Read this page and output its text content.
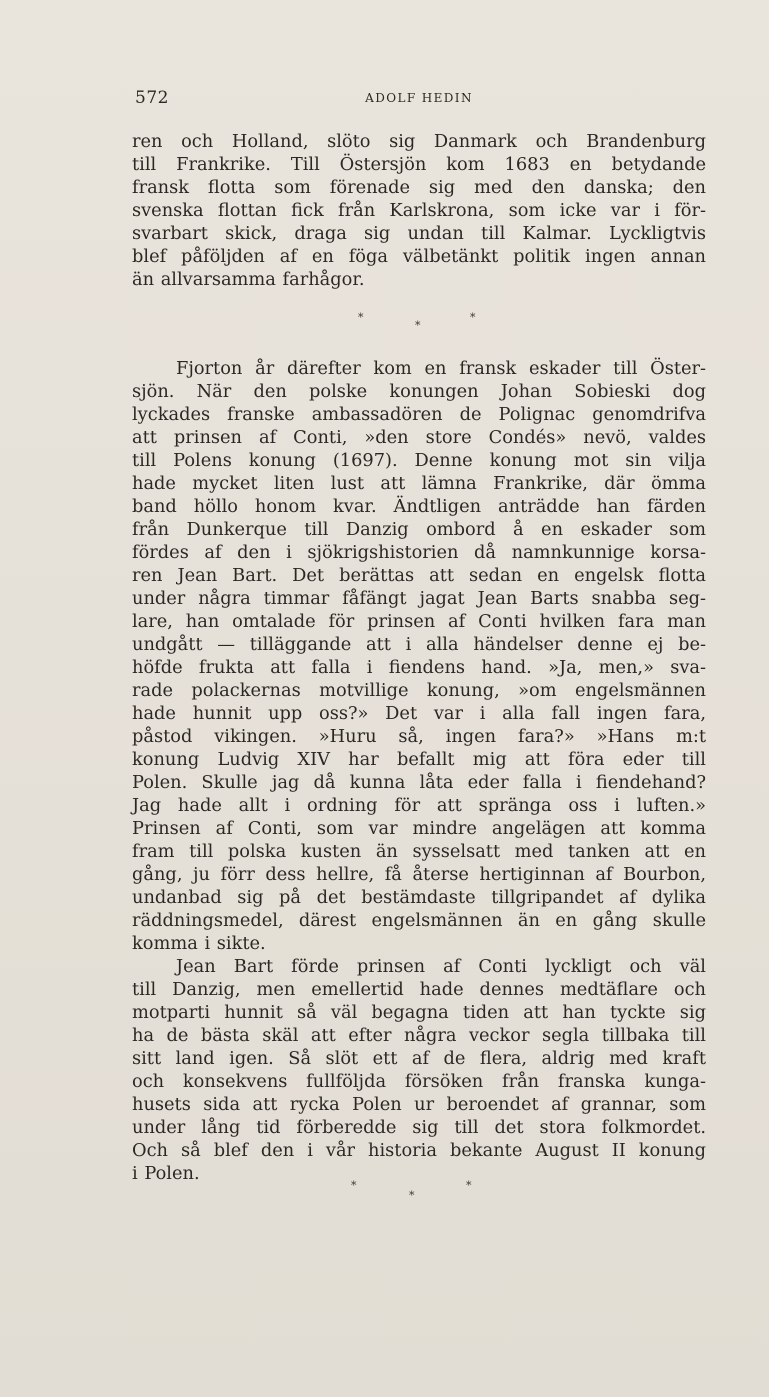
572	ADOLF HEDIN
ren och Holland, slöto sig Danmark och Brandenburg
till Frankrike. Till Östersjön kom 1683 en betydande
fransk flotta som förenade sig med den danska; den
svenska flottan fick från Karlskrona, som icke var i för-
svarbart skick, draga sig undan till Kalmar. Lyckligtvis
blef påföljden af en föga välbetänkt politik ingen annan
än allvarsamma farhågor.
*
*
*
Fjorton år därefter kom en fransk eskader till Öster-
sjön. När den polske konungen Johan Sobieski dog
lyckades franske ambassadören de Polignac genomdrifva
att prinsen af Conti, »den store Condés» nevö, valdes
till Polens konung (1697). Denne konung mot sin vilja
hade mycket liten lust att lämna Frankrike, där ömma
band höllo honom kvar. Ändtligen anträdde han färden
från Dunkerque till Danzig ombord å en eskader som
fördes af den i sjökrigshistorien då namnkunnige korsa-
ren Jean Bart. Det berättas att sedan en engelsk flotta
under några timmar fåfängt jagat Jean Barts snabba seg-
lare, han omtalade för prinsen af Conti hvilken fara man
undgått — tilläggande att i alla händelser denne ej be-
höfde frukta att falla i fiendens hand. »Ja, men,» sva-
rade polackernas motvillige konung, »om engelsmännen
hade hunnit upp oss?» Det var i alla fall ingen fara,
påstod vikingen. »Huru så, ingen fara?» »Hans m:t
konung Ludvig XIV har befallt mig att föra eder till
Polen. Skulle jag då kunna låta eder falla i fiendehand?
Jag hade allt i ordning för att spränga oss i luften.»
Prinsen af Conti, som var mindre angelägen att komma
fram till polska kusten än sysselsatt med tanken att en
gång, ju förr dess hellre, få återse hertiginnan af Bourbon,
undanbad sig på det bestämdaste tillgripandet af dylika
räddningsmedel, därest engelsmännen än en gång skulle
komma i sikte.
Jean Bart förde prinsen af Conti lyckligt och väl
till Danzig, men emellertid hade dennes medtäflare och
motparti hunnit så väl begagna tiden att han tyckte sig
ha de bästa skäl att efter några veckor segla tillbaka till
sitt land igen. Så slöt ett af de flera, aldrig med kraft
och konsekvens fullföljda försöken från franska kunga-
husets sida att rycka Polen ur beroendet af grannar, som
under lång tid förberedde sig till det stora folkmordet.
Och så blef den i vår historia bekante August II konung
i Polen.
*
*
*
